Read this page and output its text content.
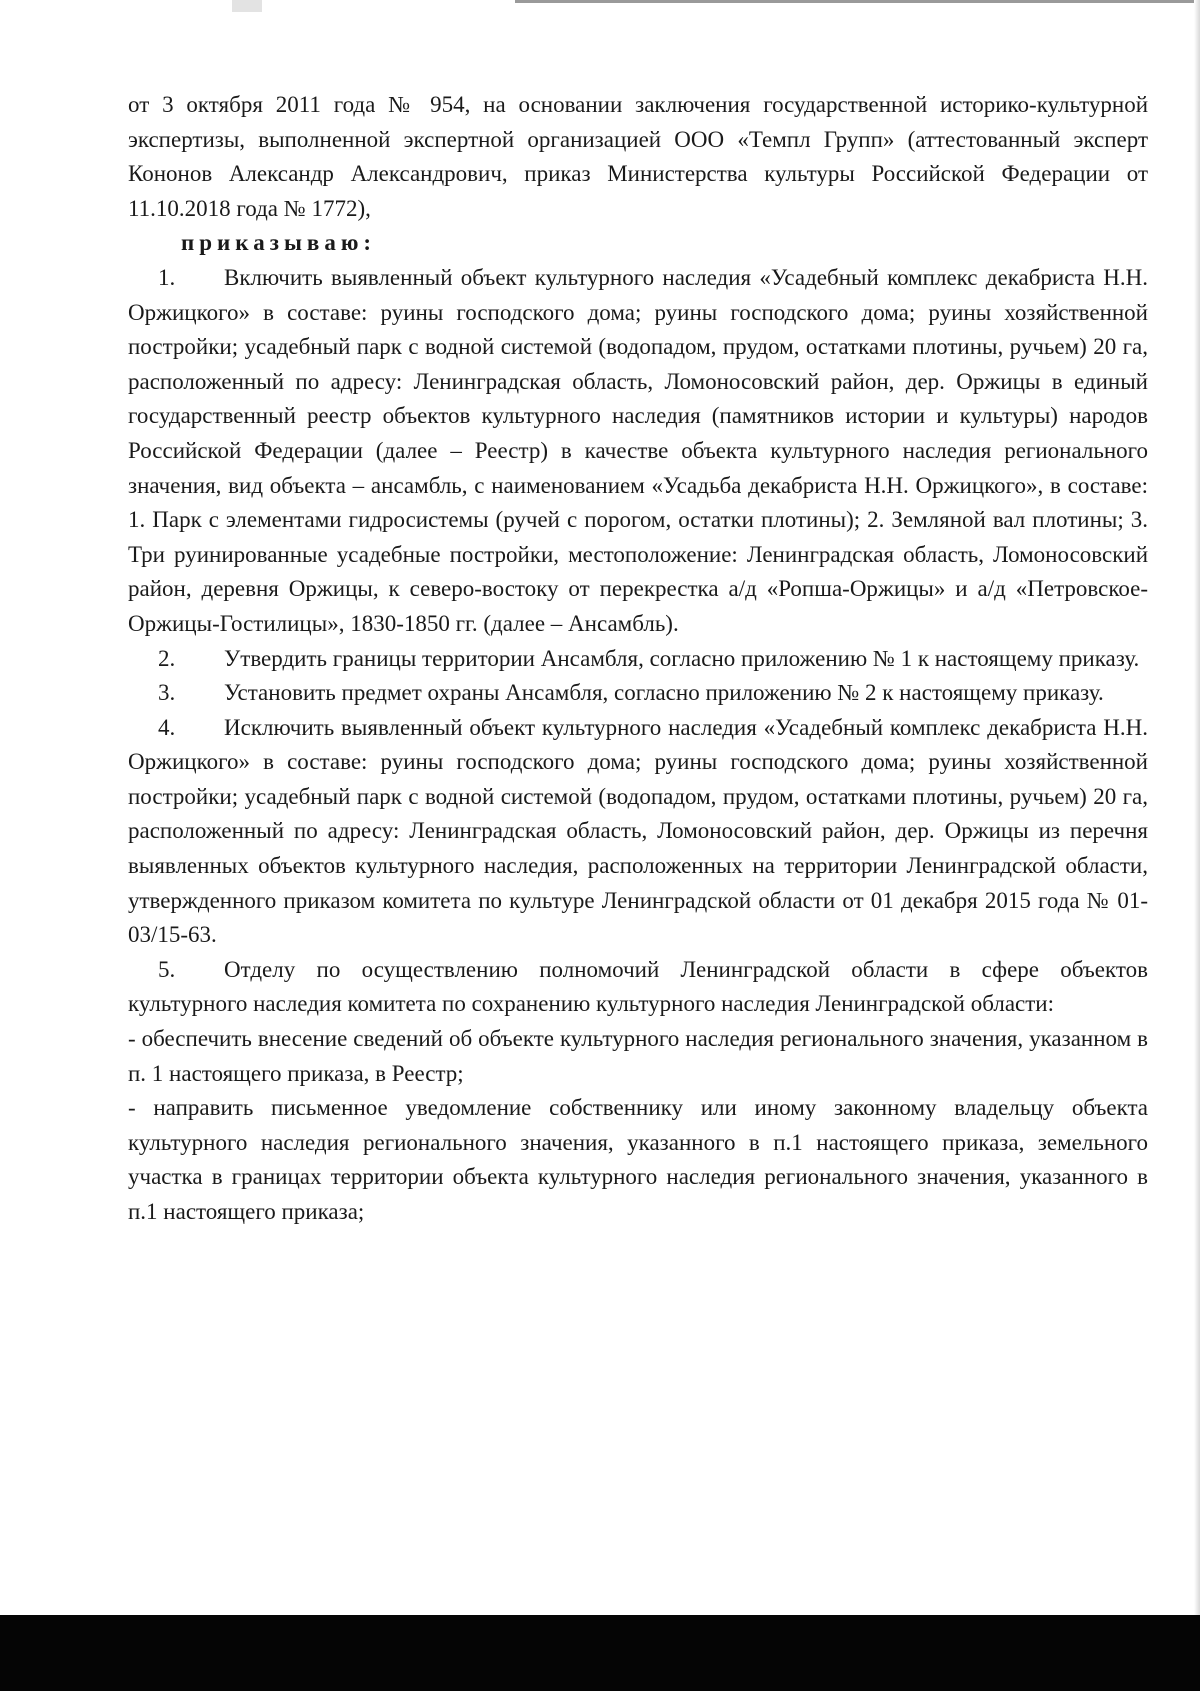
от 3 октября 2011 года № 954, на основании заключения государственной историко-культурной экспертизы, выполненной экспертной организацией ООО «Темпл Групп» (аттестованный эксперт Кононов Александр Александрович, приказ Министерства культуры Российской Федерации от 11.10.2018 года № 1772),

приказываю:

1. Включить выявленный объект культурного наследия «Усадебный комплекс декабриста Н.Н. Оржицкого» в составе: руины господского дома; руины господского дома; руины хозяйственной постройки; усадебный парк с водной системой (водопадом, прудом, остатками плотины, ручьем) 20 га, расположенный по адресу: Ленинградская область, Ломоносовский район, дер. Оржицы в единый государственный реестр объектов культурного наследия (памятников истории и культуры) народов Российской Федерации (далее – Реестр) в качестве объекта культурного наследия регионального значения, вид объекта – ансамбль, с наименованием «Усадьба декабриста Н.Н. Оржицкого», в составе: 1. Парк с элементами гидросистемы (ручей с порогом, остатки плотины); 2. Земляной вал плотины; 3. Три руинированные усадебные постройки, местоположение: Ленинградская область, Ломоносовский район, деревня Оржицы, к северо-востоку от перекрестка а/д «Ропша-Оржицы» и а/д «Петровское-Оржицы-Гостилицы», 1830-1850 гг. (далее – Ансамбль).

2. Утвердить границы территории Ансамбля, согласно приложению № 1 к настоящему приказу.

3. Установить предмет охраны Ансамбля, согласно приложению № 2 к настоящему приказу.

4. Исключить выявленный объект культурного наследия «Усадебный комплекс декабриста Н.Н. Оржицкого» в составе: руины господского дома; руины господского дома; руины хозяйственной постройки; усадебный парк с водной системой (водопадом, прудом, остатками плотины, ручьем) 20 га, расположенный по адресу: Ленинградская область, Ломоносовский район, дер. Оржицы из перечня выявленных объектов культурного наследия, расположенных на территории Ленинградской области, утвержденного приказом комитета по культуре Ленинградской области от 01 декабря 2015 года № 01-03/15-63.

5. Отделу по осуществлению полномочий Ленинградской области в сфере объектов культурного наследия комитета по сохранению культурного наследия Ленинградской области:

- обеспечить внесение сведений об объекте культурного наследия регионального значения, указанном в п. 1 настоящего приказа, в Реестр;

- направить письменное уведомление собственнику или иному законному владельцу объекта культурного наследия регионального значения, указанного в п.1 настоящего приказа, земельного участка в границах территории объекта культурного наследия регионального значения, указанного в п.1 настоящего приказа;
